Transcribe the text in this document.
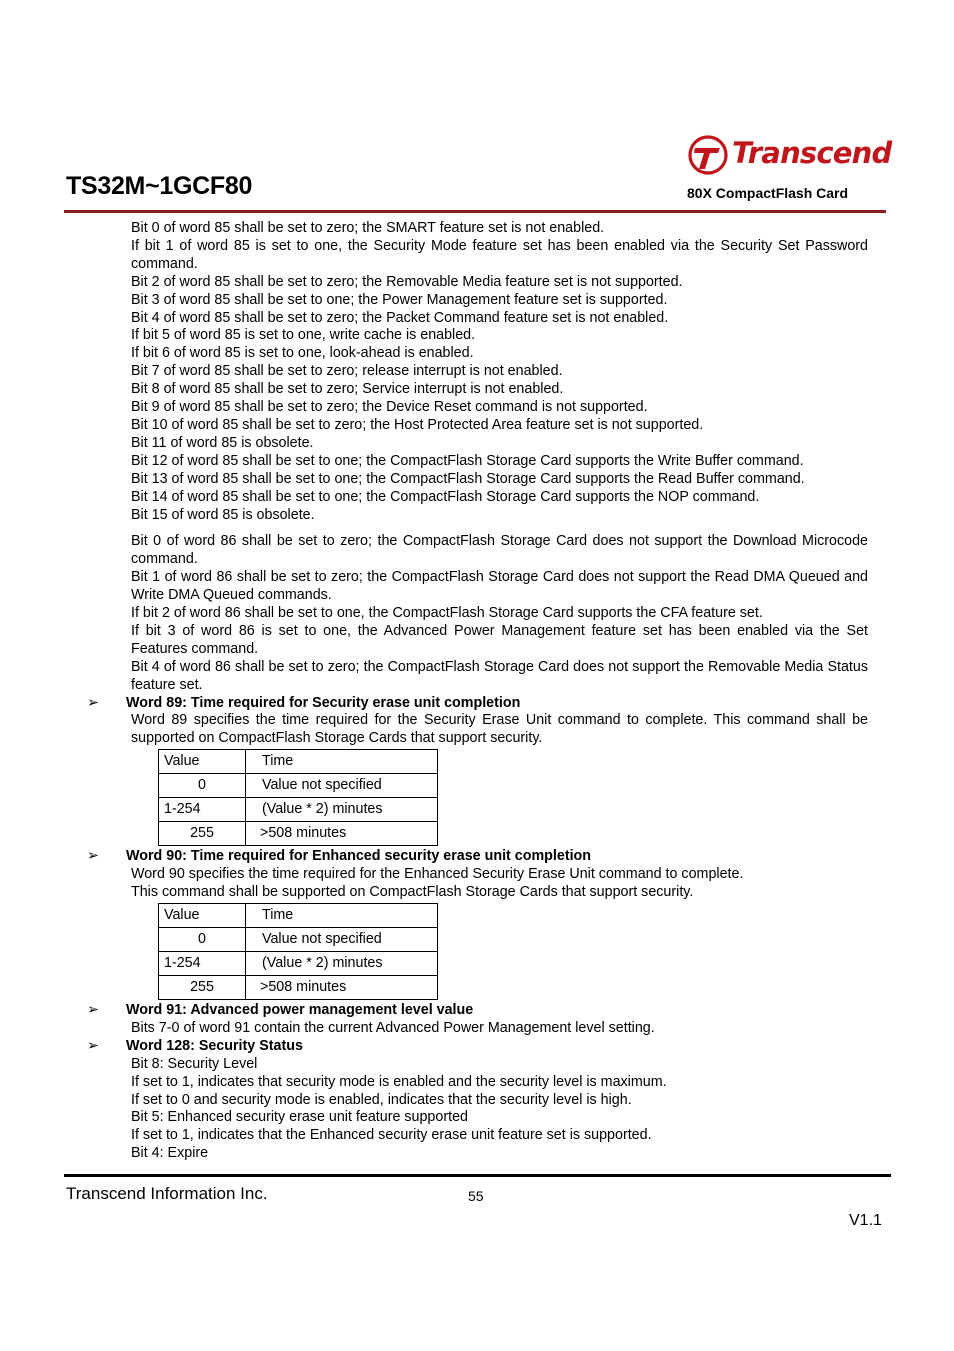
TS32M~1GCF80
Transcend
80X CompactFlash Card
Bit 0 of word 85 shall be set to zero; the SMART feature set is not enabled.
If bit 1 of word 85 is set to one, the Security Mode feature set has been enabled via the Security Set Password command.
Bit 2 of word 85 shall be set to zero; the Removable Media feature set is not supported.
Bit 3 of word 85 shall be set to one; the Power Management feature set is supported.
Bit 4 of word 85 shall be set to zero; the Packet Command feature set is not enabled.
If bit 5 of word 85 is set to one, write cache is enabled.
If bit 6 of word 85 is set to one, look-ahead is enabled.
Bit 7 of word 85 shall be set to zero; release interrupt is not enabled.
Bit 8 of word 85 shall be set to zero; Service interrupt is not enabled.
Bit 9 of word 85 shall be set to zero; the Device Reset command is not supported.
Bit 10 of word 85 shall be set to zero; the Host Protected Area feature set is not supported.
Bit 11 of word 85 is obsolete.
Bit 12 of word 85 shall be set to one; the CompactFlash Storage Card supports the Write Buffer command.
Bit 13 of word 85 shall be set to one; the CompactFlash Storage Card supports the Read Buffer command.
Bit 14 of word 85 shall be set to one; the CompactFlash Storage Card supports the NOP command.
Bit 15 of word 85 is obsolete.
Bit 0 of word 86 shall be set to zero; the CompactFlash Storage Card does not support the Download Microcode command.
Bit 1 of word 86 shall be set to zero; the CompactFlash Storage Card does not support the Read DMA Queued and Write DMA Queued commands.
If bit 2 of word 86 shall be set to one, the CompactFlash Storage Card supports the CFA feature set.
If bit 3 of word 86 is set to one, the Advanced Power Management feature set has been enabled via the Set Features command.
Bit 4 of word 86 shall be set to zero; the CompactFlash Storage Card does not support the Removable Media Status feature set.
➢ Word 89: Time required for Security erase unit completion
Word 89 specifies the time required for the Security Erase Unit command to complete. This command shall be supported on CompactFlash Storage Cards that support security.
Value	Time
0	Value not specified
1-254	(Value * 2) minutes
255	>508 minutes
➢ Word 90: Time required for Enhanced security erase unit completion
Word 90 specifies the time required for the Enhanced Security Erase Unit command to complete.
This command shall be supported on CompactFlash Storage Cards that support security.
Value	Time
0	Value not specified
1-254	(Value * 2) minutes
255	>508 minutes
➢ Word 91: Advanced power management level value
Bits 7-0 of word 91 contain the current Advanced Power Management level setting.
➢ Word 128: Security Status
Bit 8: Security Level
If set to 1, indicates that security mode is enabled and the security level is maximum.
If set to 0 and security mode is enabled, indicates that the security level is high.
Bit 5: Enhanced security erase unit feature supported
If set to 1, indicates that the Enhanced security erase unit feature set is supported.
Bit 4: Expire
Transcend Information Inc.	55
V1.1
